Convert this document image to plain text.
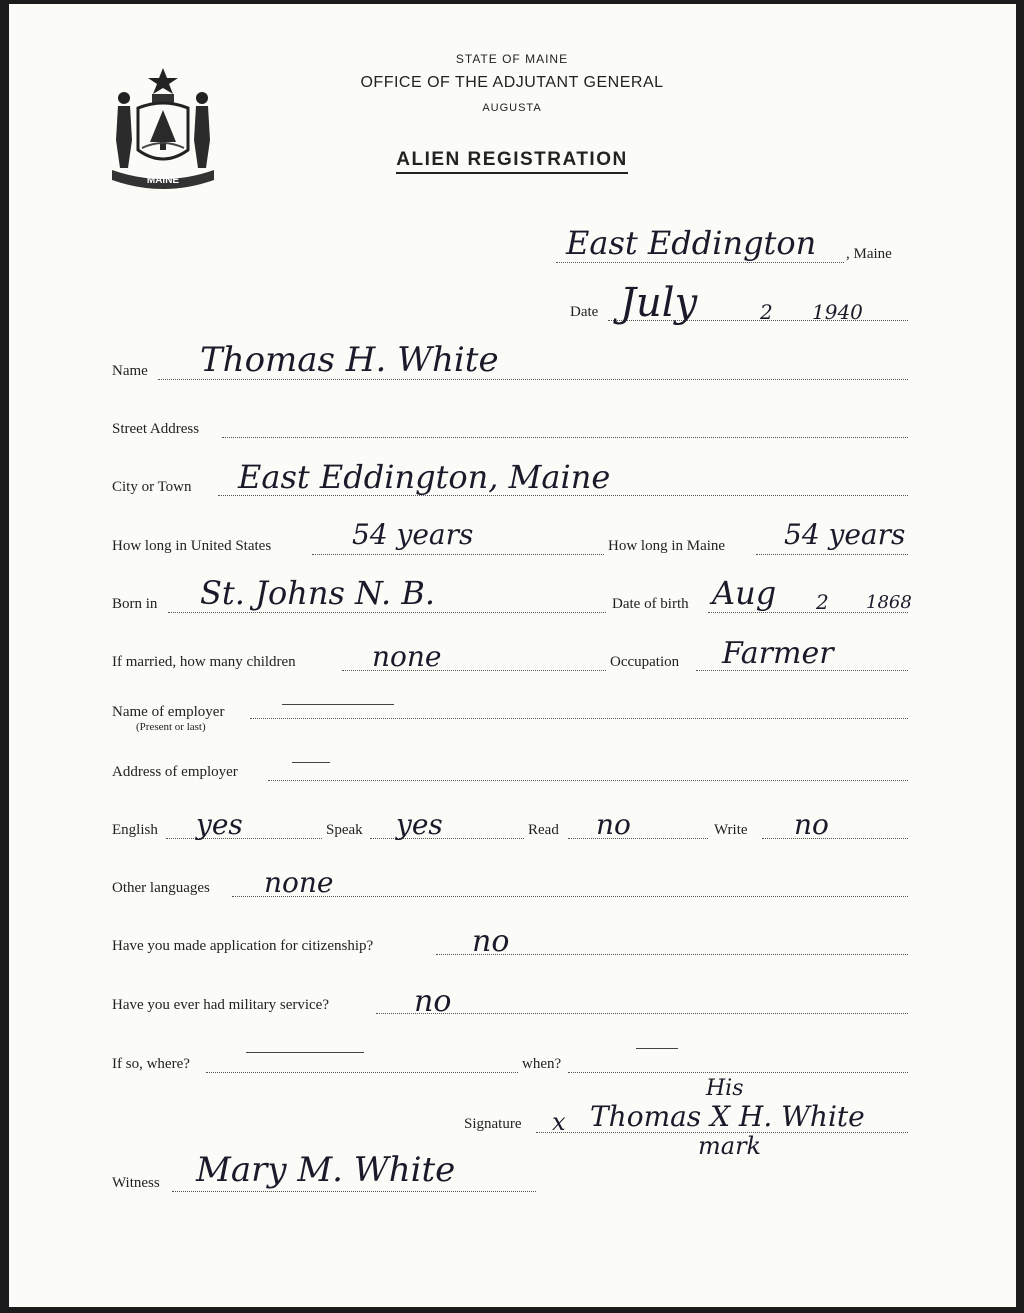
MAINE
STATE OF MAINE
OFFICE OF THE ADJUTANT GENERAL
AUGUSTA
ALIEN REGISTRATION
East Eddington , Maine
Date July	2 1940
Name Thomas H. White
Street Address
City or Town East Eddington, Maine
How long in United States	54 years	How long in Maine 54 years
Born in St. Johns N. B.	Date of birth Aug 2 1868
If married, how many children	none	Occupation Farmer
Name of employer
(Present or last)
Address of employer
English yes	Speak yes	Read no	Write no
Other languages none
Have you made application for citizenship?	no
Have you ever had military service?	no
If so, where?	when?
Signature x Thomas X H. White
His
mark
Witness Mary M. White
